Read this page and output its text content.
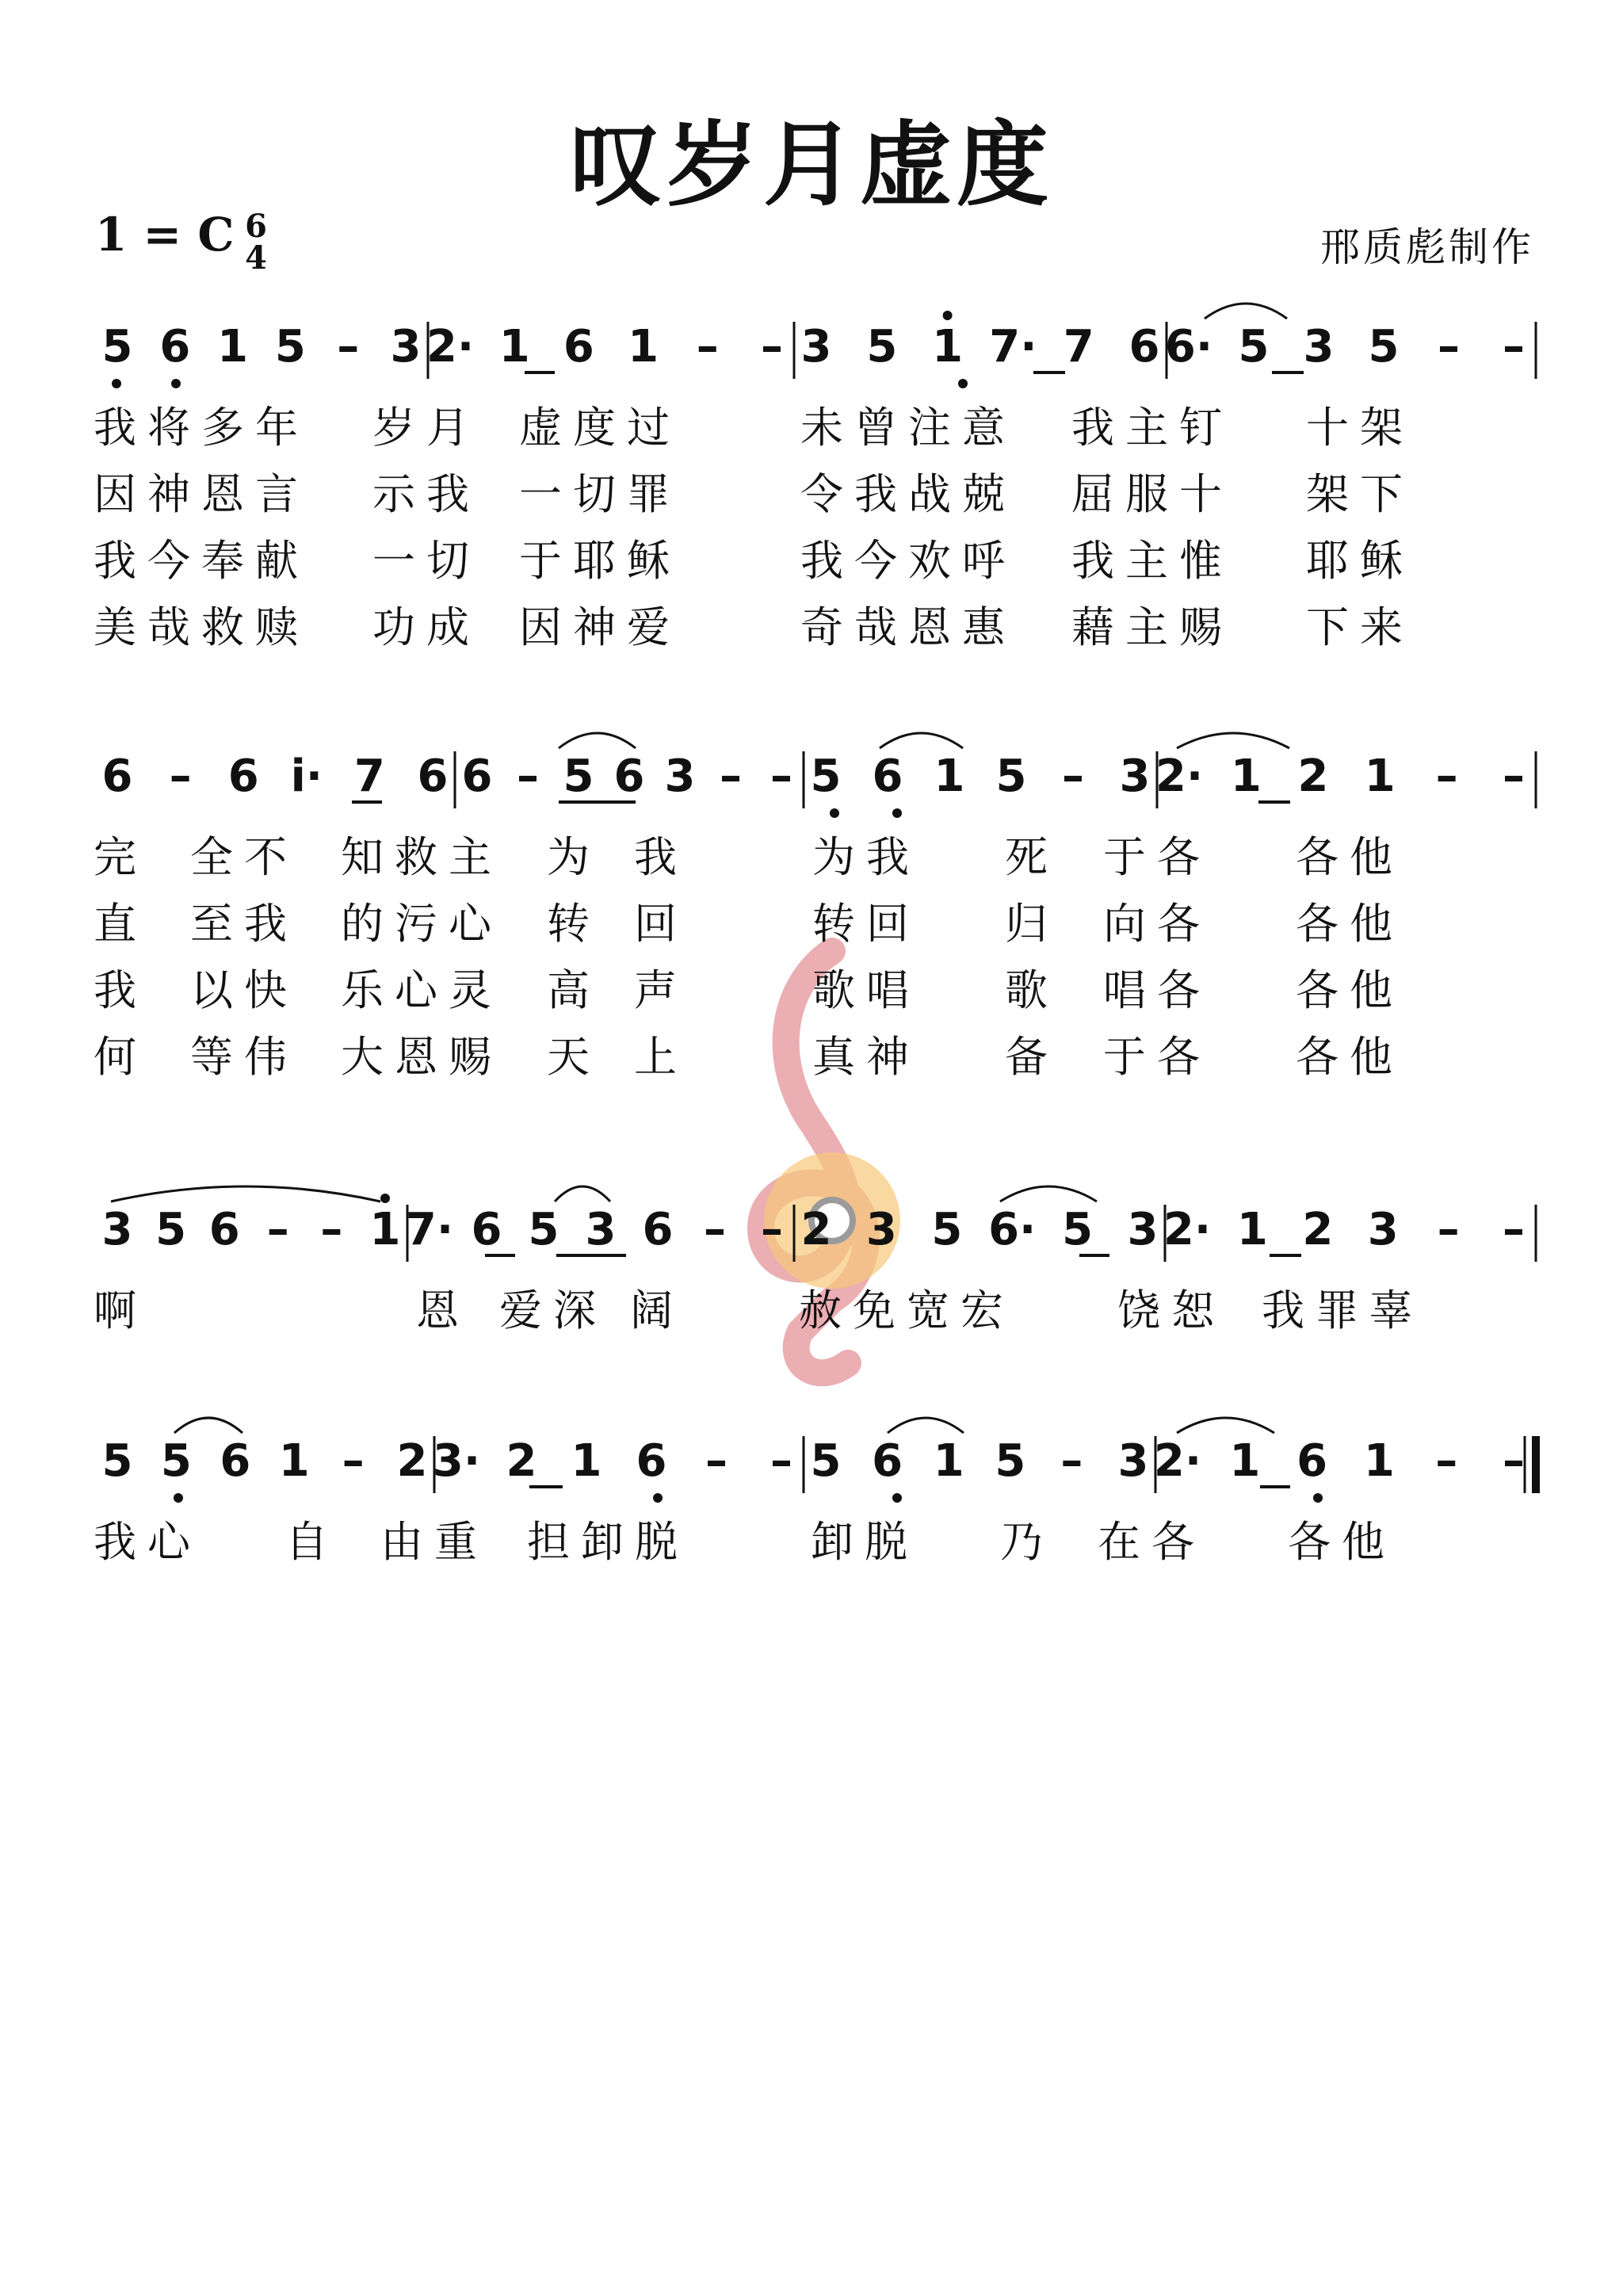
叹岁月虚度
1 = C 6
4	邢质彪制作
5 6 1 5 – 3 2· 1 6 1 – – 3 5 1 7· 7 6 6· 5 3 5 – –
我将多年 岁月 虚度过	未曾注意 我主钉 十架
因神恩言 示我 一切罪	令我战兢 屈服十 架下
我今奉献 一切 于耶稣	我今欢呼 我主惟 耶稣
美哉救赎 功成 因神爱	奇哉恩惠 藉主赐 下来
6 – 6 i· 7 6 6 – 5 6 3 – – 5 6 1 5 – 3 2· 1 2 1 – –
完 全不 知救主 为 我	为我 死 于各 各他
直 至我 的污心 转 回	转回 归 向各 各他
我 以快 乐心灵 高 声	歌唱 歌 唱各 各他
何 等伟 大恩赐 天 上	真神 备 于各 各他
3 5 6 – – 1 7· 6 5 3 6 – – 2 3 5 6· 5 3 2· 1 2 3 – –
啊	恩 爱深 阔	赦免宽宏 饶恕 我罪辜
5 5 6 1 – 2 3· 2 1 6 – – 5 6 1 5 – 3 2· 1 6 1 – –
我心 自 由重 担卸脱	卸脱 乃 在各 各他
